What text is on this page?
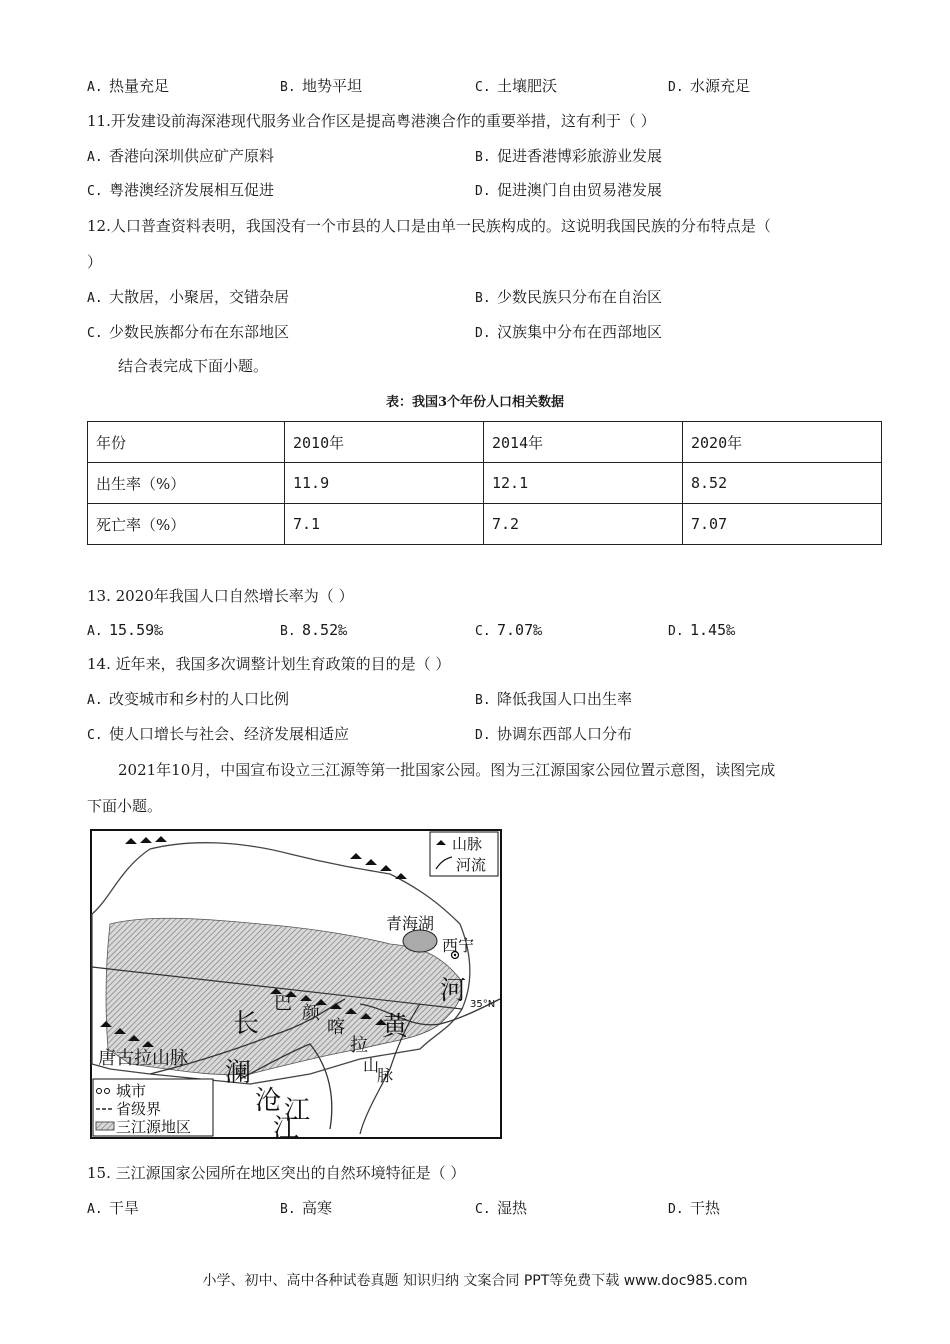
A. 热量充足	B. 地势平坦	C. 土壤肥沃	D. 水源充足
11.开发建设前海深港现代服务业合作区是提高粤港澳合作的重要举措，这有利于（ ）
A. 香港向深圳供应矿产原料	B. 促进香港博彩旅游业发展
C. 粤港澳经济发展相互促进	D. 促进澳门自由贸易港发展
12.人口普查资料表明，我国没有一个市县的人口是由单一民族构成的。这说明我国民族的分布特点是（
）
A. 大散居，小聚居，交错杂居	B. 少数民族只分布在自治区
C. 少数民族都分布在东部地区	D. 汉族集中分布在西部地区
结合表完成下面小题。
表：我国3个年份人口相关数据
年份	2010年	2014年	2020年
出生率（%）	11.9	12.1	8.52
死亡率（%）	7.1	7.2	7.07
13. 2020年我国人口自然增长率为（ ）
A. 15.59‰	B. 8.52‰	C. 7.07‰	D. 1.45‰
14. 近年来，我国多次调整计划生育政策的目的是（ ）
A. 改变城市和乡村的人口比例	B. 降低我国人口出生率
C. 使人口增长与社会、经济发展相适应	D. 协调东西部人口分布
2021年10月，中国宣布设立三江源等第一批国家公园。图为三江源国家公园位置示意图，读图完成
下面小题。
山脉
河流
城市
省级界
三江源地区
青海湖
西宁
35°N
长
江
澜
沧
江
黄
河
巴 颜
喀
拉
山
脉
唐古拉山脉
15. 三江源国家公园所在地区突出的自然环境特征是（ ）
A. 干旱	B. 高寒	C. 湿热	D. 干热
小学、初中、高中各种试卷真题 知识归纳 文案合同 PPT等免费下载 www.doc985.com
